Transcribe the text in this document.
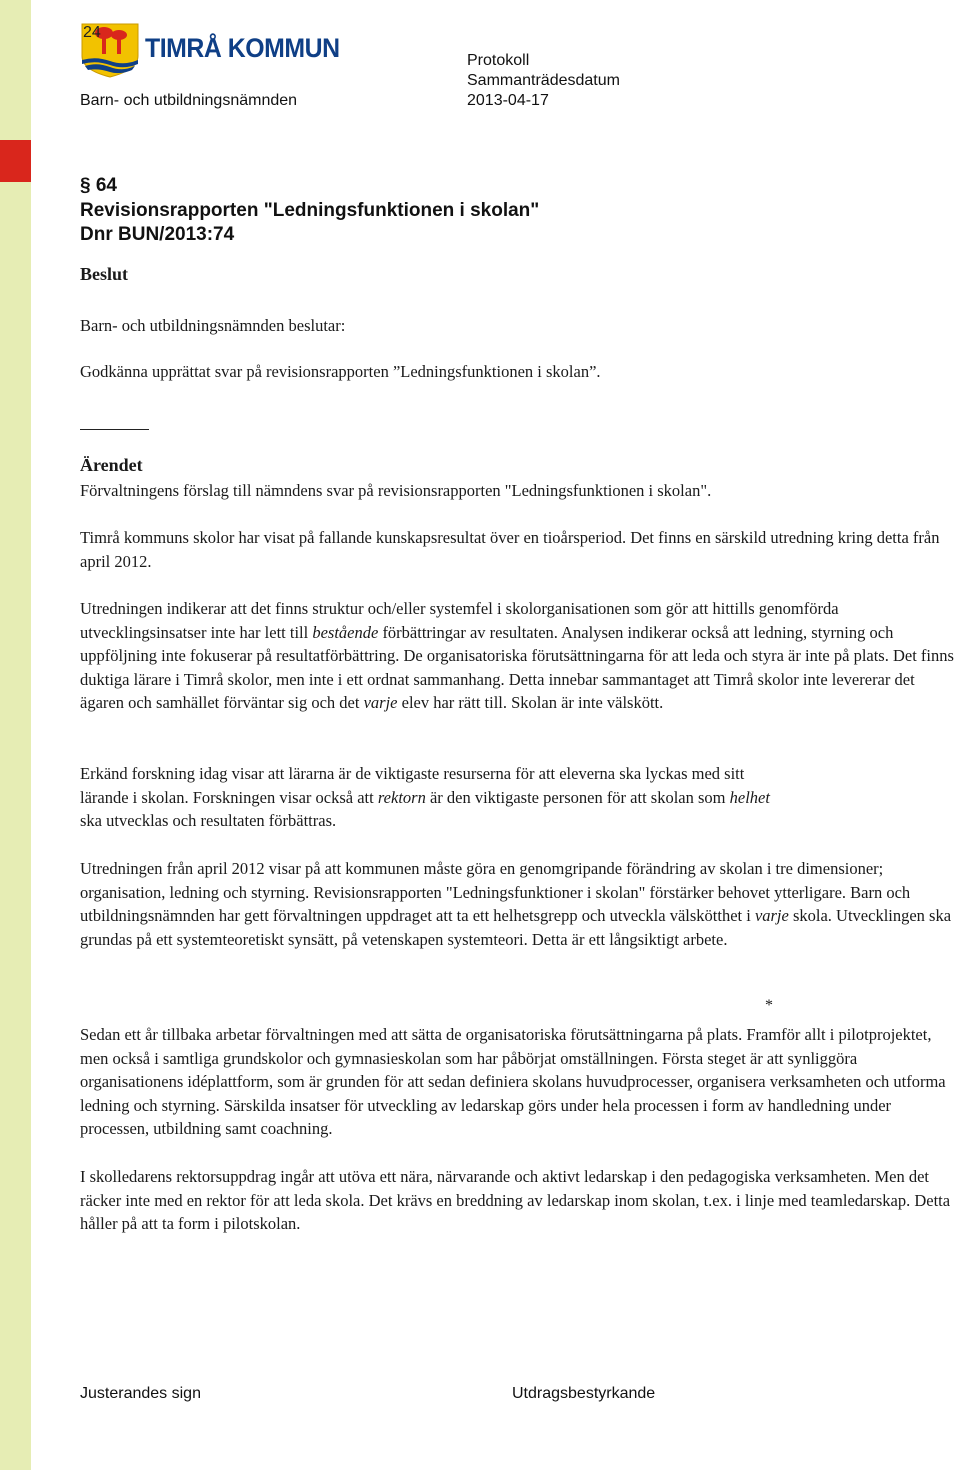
24
TIMRÅ KOMMUN
Barn- och utbildningsnämnden
Protokoll
Sammanträdesdatum
2013-04-17

§ 64

Revisionsrapporten "Ledningsfunktionen i skolan"

Dnr BUN/2013:74

Beslut

Barn- och utbildningsnämnden beslutar:

Godkänna upprättat svar på revisionsrapporten ”Ledningsfunktionen i skolan”.

Ärendet

Förvaltningens förslag till nämndens svar på revisionsrapporten "Ledningsfunktionen i skolan".

Timrå kommuns skolor har visat på fallande kunskapsresultat över en tioårsperiod. Det finns en särskild utredning kring detta från april 2012.

Utredningen indikerar att det finns struktur och/eller systemfel i skolorganisationen som gör att hittills genomförda utvecklingsinsatser inte har lett till bestående förbättringar av resultaten. Analysen indikerar också att ledning, styrning och uppföljning inte fokuserar på resultatförbättring. De organisatoriska förutsättningarna för att leda och styra är inte på plats. Det finns duktiga lärare i Timrå skolor, men inte i ett ordnat sammanhang. Detta innebar sammantaget att Timrå skolor inte levererar det ägaren och samhället förväntar sig och det varje elev har rätt till. Skolan är inte välskött.

Erkänd forskning idag visar att lärarna är de viktigaste resurserna för att eleverna ska lyckas med sitt lärande i skolan. Forskningen visar också att rektorn är den viktigaste personen för att skolan som helhet ska utvecklas och resultaten förbättras.

Utredningen från april 2012 visar på att kommunen måste göra en genomgripande förändring av skolan i tre dimensioner; organisation, ledning och styrning. Revisionsrapporten "Ledningsfunktioner i skolan" förstärker behovet ytterligare. Barn och utbildningsnämnden har gett förvaltningen uppdraget att ta ett helhetsgrepp och utveckla välskötthet i varje skola. Utvecklingen ska grundas på ett systemteoretiskt synsätt, på vetenskapen systemteori. Detta är ett långsiktigt arbete.

*

Sedan ett år tillbaka arbetar förvaltningen med att sätta de organisatoriska förutsättningarna på plats. Framför allt i pilotprojektet, men också i samtliga grundskolor och gymnasieskolan som har påbörjat omställningen. Första steget är att synliggöra organisationens idéplattform, som är grunden för att sedan definiera skolans huvudprocesser, organisera verksamheten och utforma ledning och styrning. Särskilda insatser för utveckling av ledarskap görs under hela processen i form av handledning under processen, utbildning samt coachning.

I skolledarens rektorsuppdrag ingår att utöva ett nära, närvarande och aktivt ledarskap i den pedagogiska verksamheten. Men det räcker inte med en rektor för att leda skola. Det krävs en breddning av ledarskap inom skolan, t.ex. i linje med teamledarskap. Detta håller på att ta form i pilotskolan.

Justerandes sign	Utdragsbestyrkande
